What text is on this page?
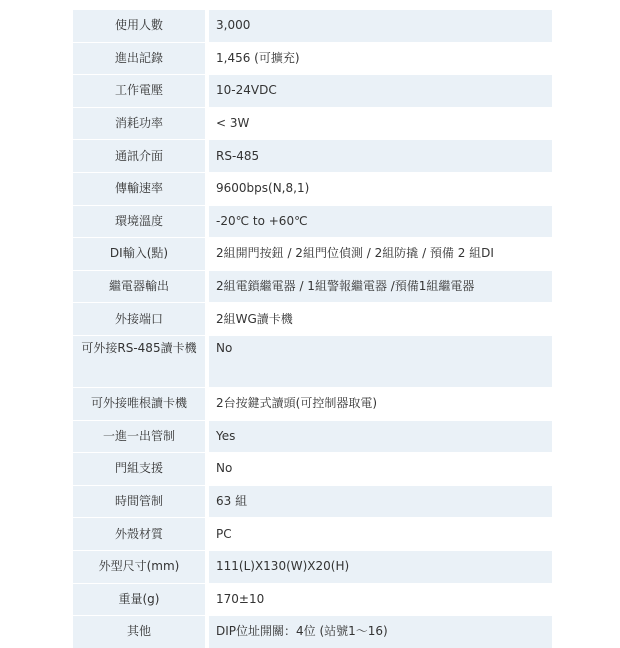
使用人數		3,000
進出記錄		1,456 (可擴充)
工作電壓		10-24VDC
消耗功率		< 3W
通訊介面		RS-485
傳輸速率		9600bps(N,8,1)
環境溫度		-20℃ to +60℃
DI輸入(點)		2組開門按鈕 / 2組門位偵測 / 2組防撬 / 預備 2 組DI
繼電器輸出		2組電鎖繼電器 / 1組警報繼電器 /預備1組繼電器
外接端口		2組WG讀卡機
可外接RS-485讀卡機		No
可外接唯根讀卡機		2台按鍵式讀頭(可控制器取電)
一進一出管制		Yes
門組支援		No
時間管制		63 組
外殼材質		PC
外型尺寸(mm)		111(L)X130(W)X20(H)
重量(g)		170±10
其他		DIP位址開關：4位 (站號1～16)
